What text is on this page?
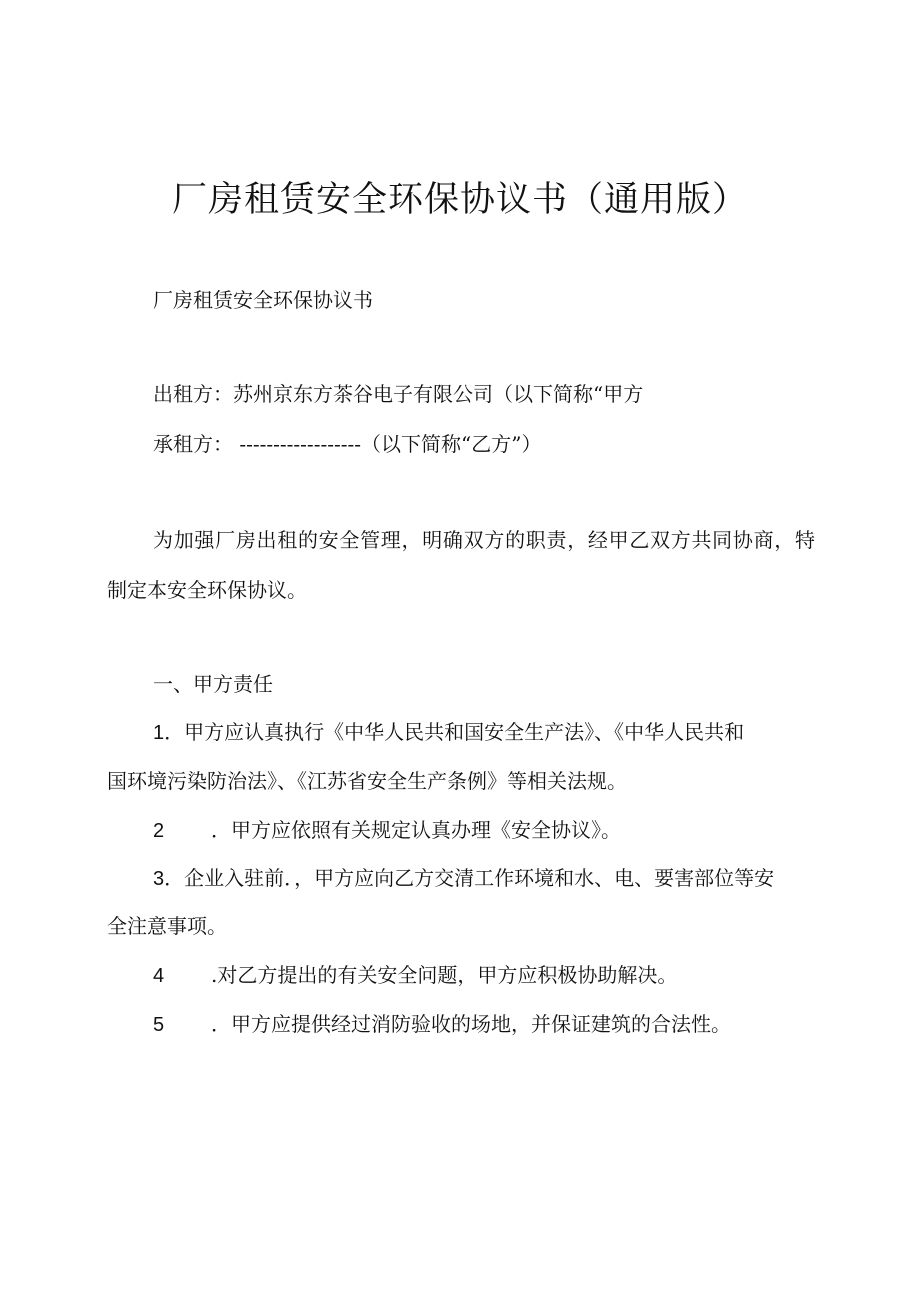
厂房租赁安全环保协议书（通用版）
厂房租赁安全环保协议书
出租方：苏州京东方茶谷电子有限公司（以下简称“甲方
承租方： ------------------（以下简称“乙方”）
为加强厂房出租的安全管理，明确双方的职责，经甲乙双方共同协商，特
制定本安全环保协议。
一、甲方责任
1．甲方应认真执行《中华人民共和国安全生产法》、《中华人民共和
国环境污染防治法》、《江苏省安全生产条例》等相关法规。
2 ．甲方应依照有关规定认真办理《安全协议》。
3．企业入驻前．，甲方应向乙方交清工作环境和水、电、要害部位等安
全注意事项。
4 .对乙方提出的有关安全问题，甲方应积极协助解决。
5 ．甲方应提供经过消防验收的场地，并保证建筑的合法性。
